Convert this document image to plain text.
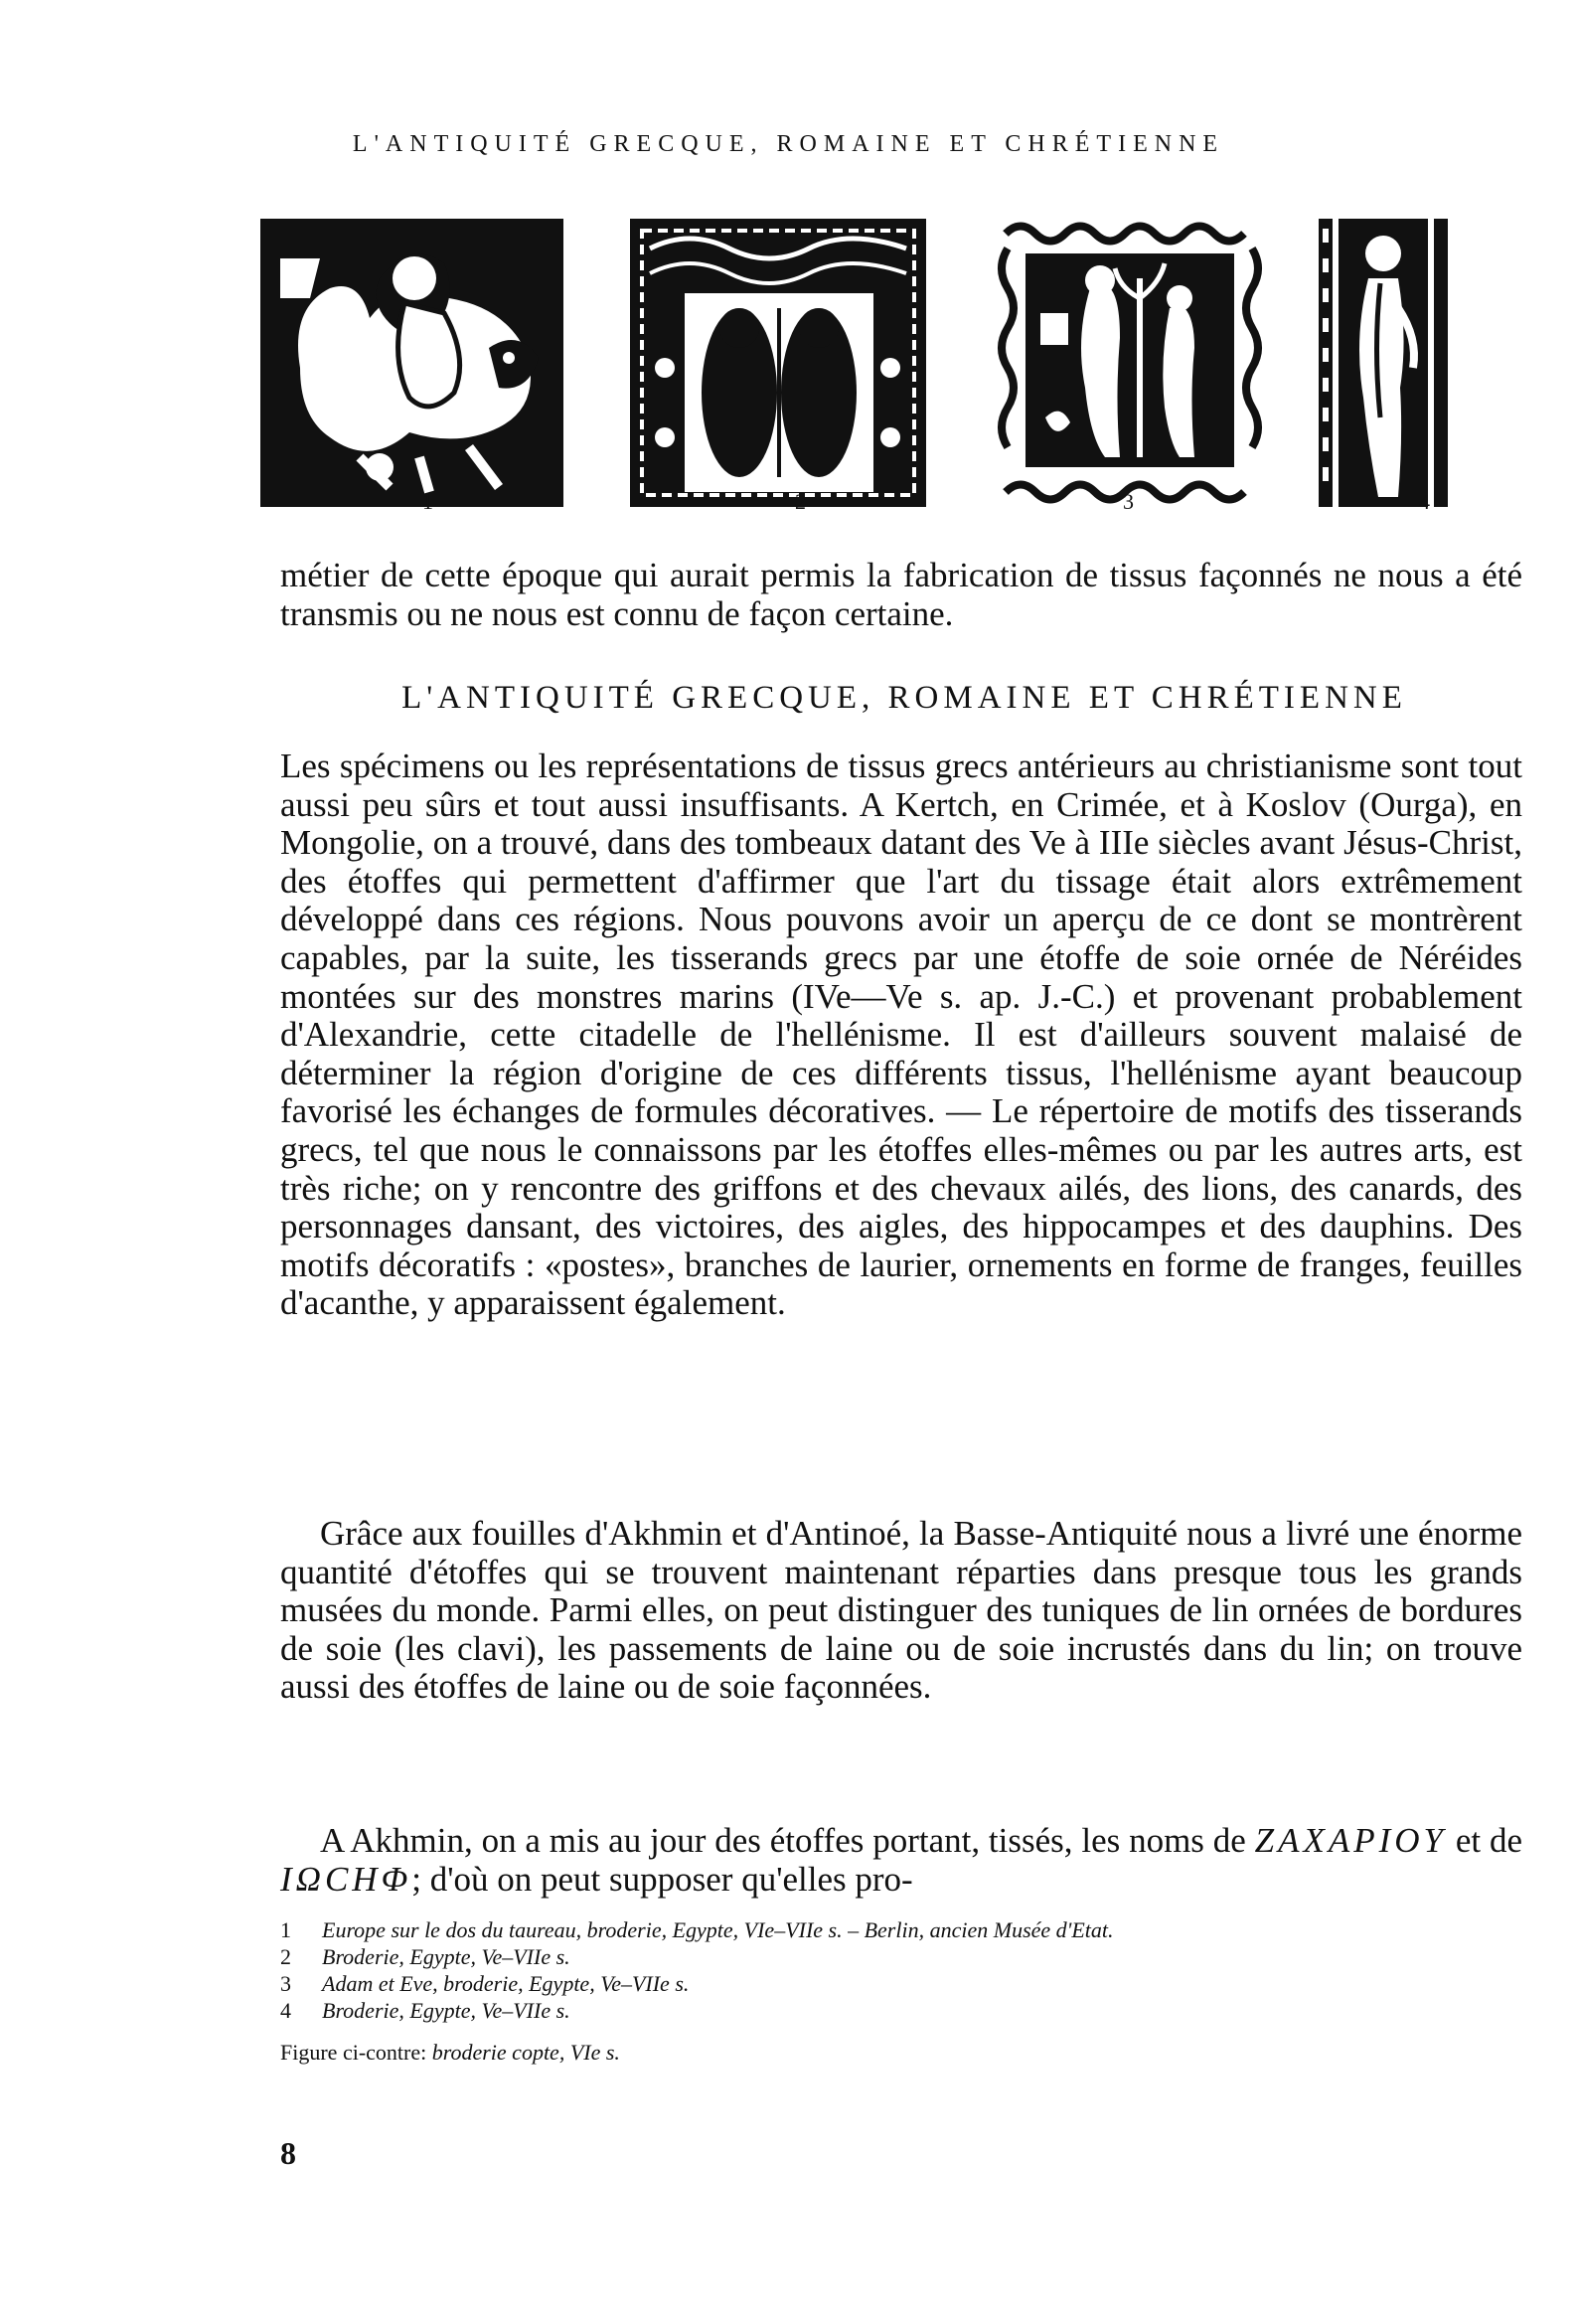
L'ANTIQUITÉ GRECQUE, ROMAINE ET CHRÉTIENNE
1	2	3	4

métier de cette époque qui aurait permis la fabrication de tissus façonnés ne nous a été transmis ou ne nous est connu de façon certaine.

L'ANTIQUITÉ GRECQUE, ROMAINE ET CHRÉTIENNE

Les spécimens ou les représentations de tissus grecs antérieurs au christianisme sont tout aussi peu sûrs et tout aussi insuffisants. A Kertch, en Crimée, et à Koslov (Ourga), en Mongolie, on a trouvé, dans des tombeaux datant des Ve à IIIe siècles avant Jésus-Christ, des étoffes qui permettent d'affirmer que l'art du tissage était alors extrêmement développé dans ces régions. Nous pouvons avoir un aperçu de ce dont se montrèrent capables, par la suite, les tisserands grecs par une étoffe de soie ornée de Néréides montées sur des monstres marins (IVe—Ve s. ap. J.-C.) et provenant probablement d'Alexandrie, cette citadelle de l'hellénisme. Il est d'ailleurs souvent malaisé de déterminer la région d'origine de ces différents tissus, l'hellénisme ayant beaucoup favorisé les échanges de formules décoratives. — Le répertoire de motifs des tisserands grecs, tel que nous le connaissons par les étoffes elles-mêmes ou par les autres arts, est très riche; on y rencontre des griffons et des chevaux ailés, des lions, des canards, des personnages dansant, des victoires, des aigles, des hippocampes et des dauphins. Des motifs décoratifs : «postes», branches de laurier, ornements en forme de franges, feuilles d'acanthe, y apparaissent également.

Grâce aux fouilles d'Akhmin et d'Antinoé, la Basse-Antiquité nous a livré une énorme quantité d'étoffes qui se trouvent maintenant réparties dans presque tous les grands musées du monde. Parmi elles, on peut distinguer des tuniques de lin ornées de bordures de soie (les clavi), les passements de laine ou de soie incrustés dans du lin; on trouve aussi des étoffes de laine ou de soie façonnées.

A Akhmin, on a mis au jour des étoffes portant, tissés, les noms de ZAXAPIOY et de ΙΩCΗΦ; d'où on peut supposer qu'elles pro-

1 Europe sur le dos du taureau, broderie, Egypte, VIe–VIIe s. – Berlin, ancien Musée d'Etat.
2 Broderie, Egypte, Ve–VIIe s.
3 Adam et Eve, broderie, Egypte, Ve–VIIe s.
4 Broderie, Egypte, Ve–VIIe s.
Figure ci-contre: broderie copte, VIe s.
8
